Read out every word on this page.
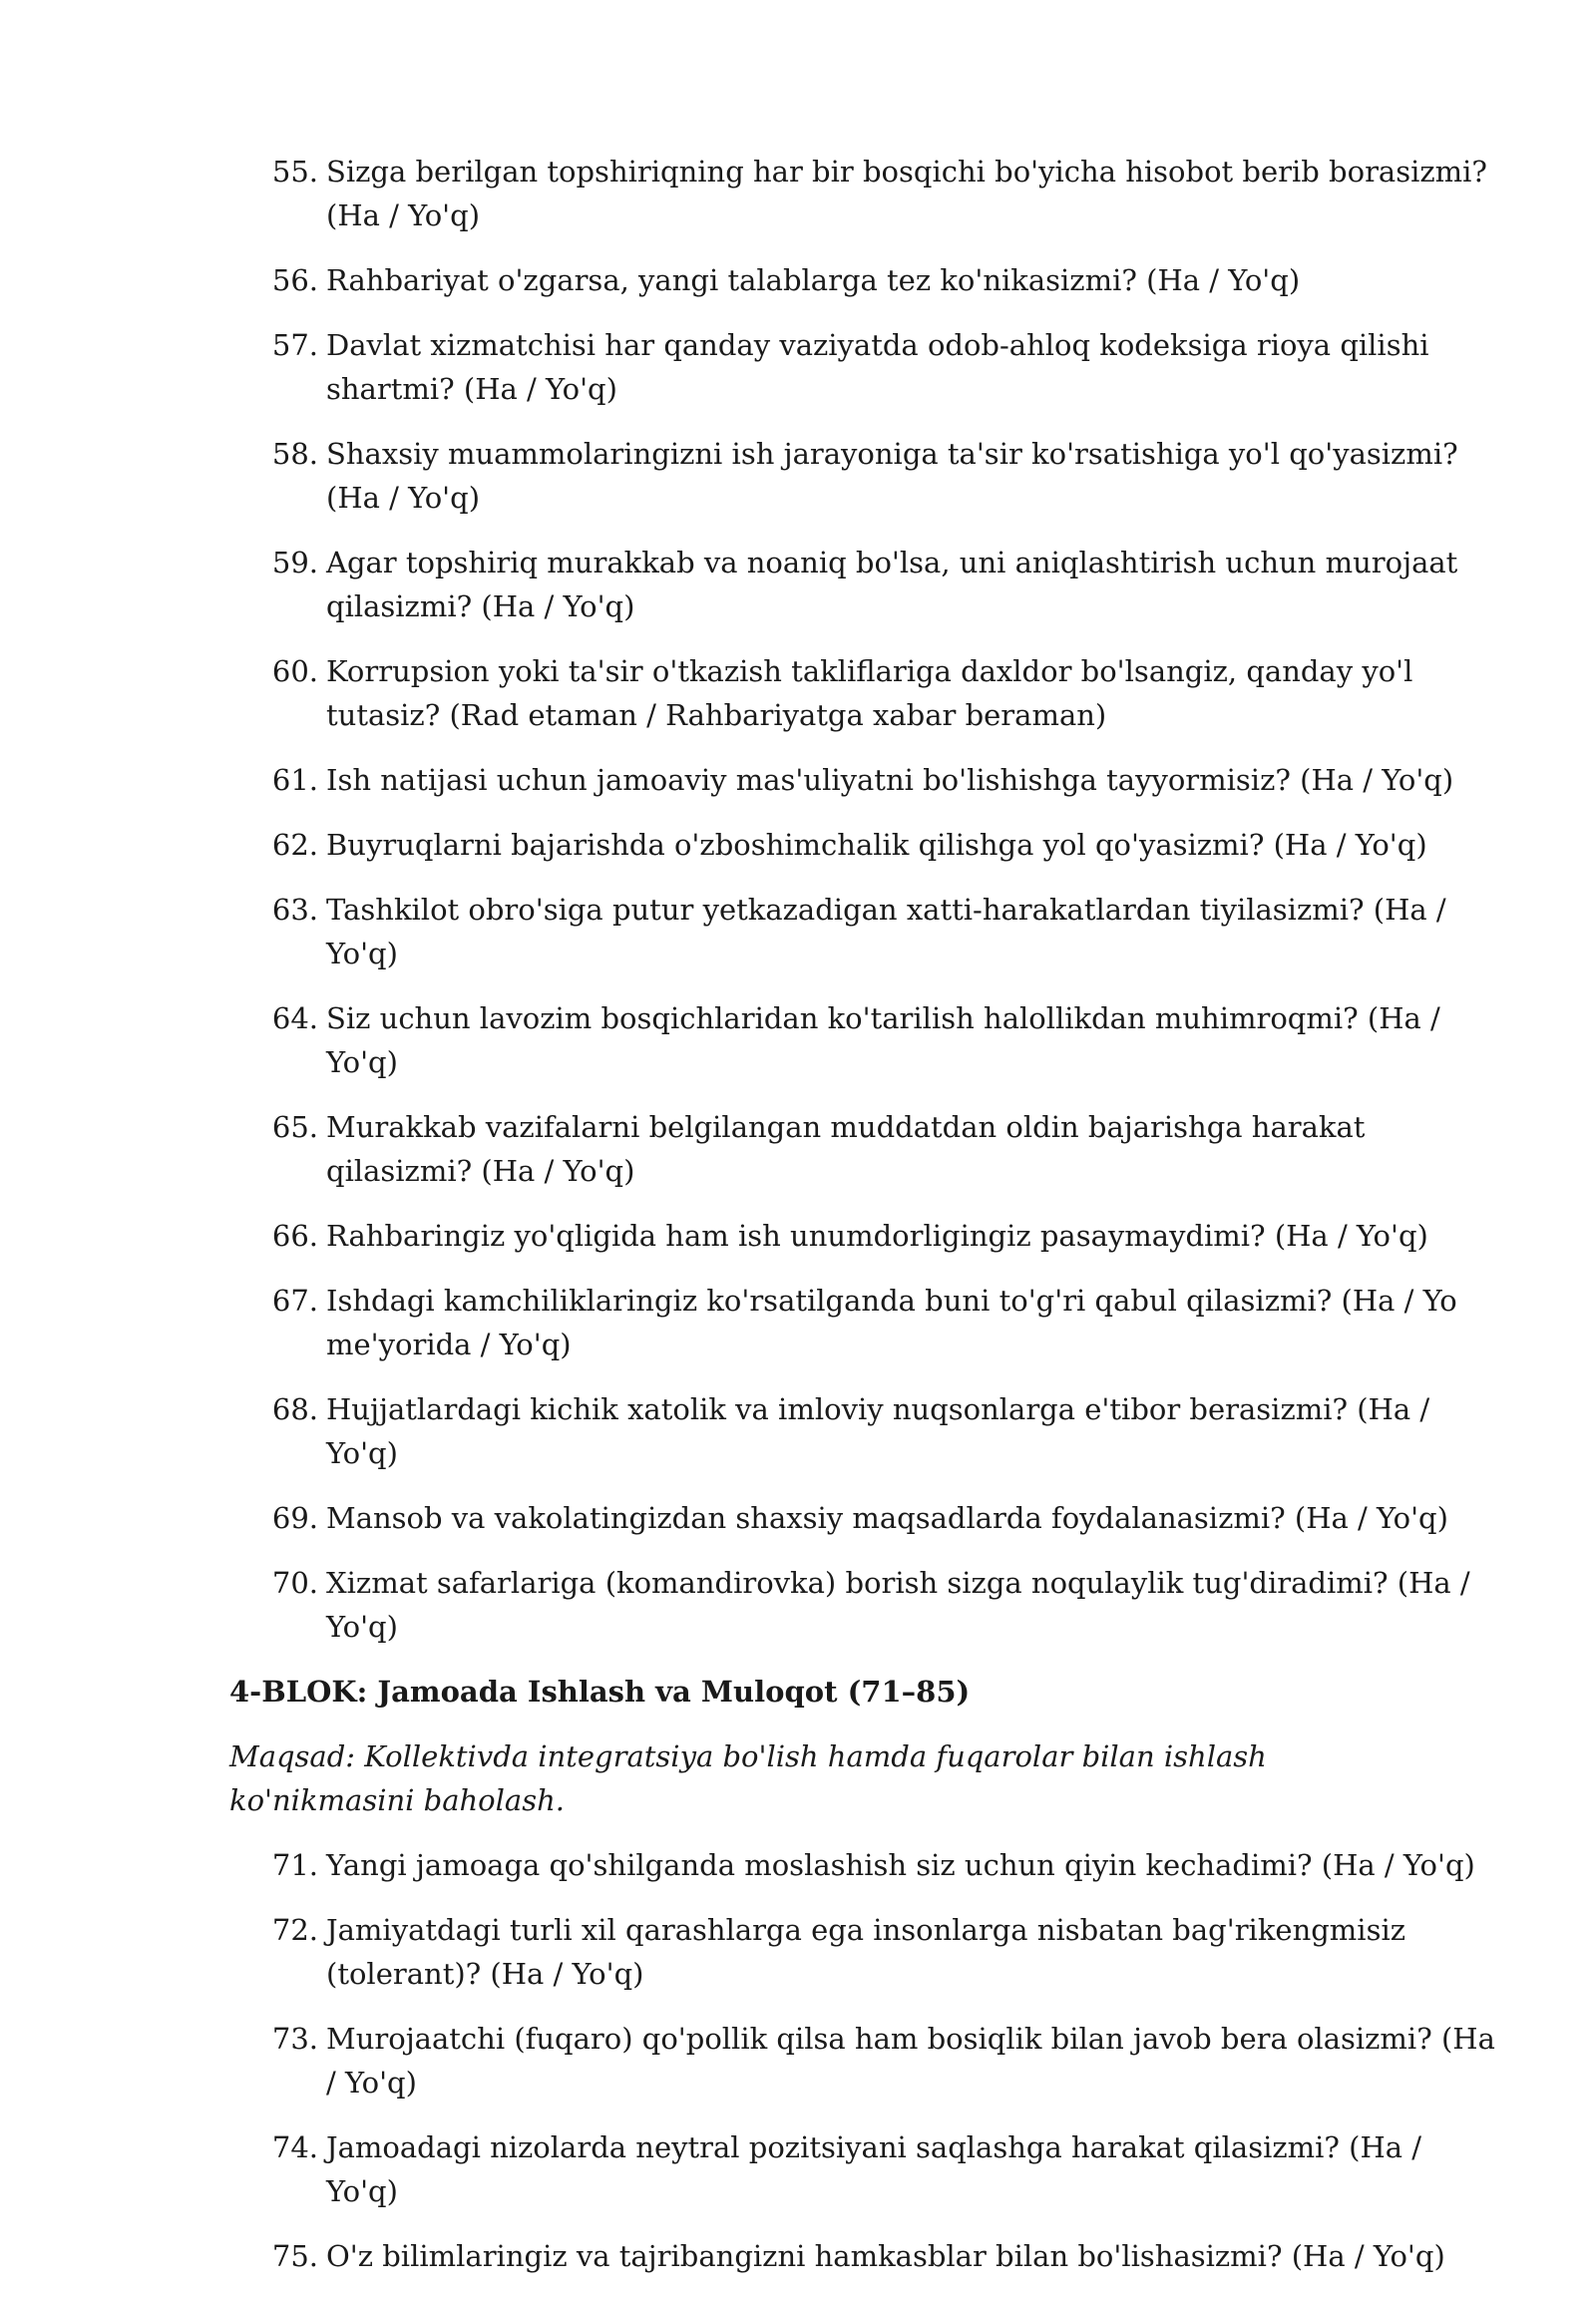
55. Sizga berilgan topshiriqning har bir bosqichi bo'yicha hisobot berib borasizmi? (Ha / Yo'q)
56. Rahbariyat o'zgarsa, yangi talablarga tez ko'nikasizmi? (Ha / Yo'q)
57. Davlat xizmatchisi har qanday vaziyatda odob-ahloq kodeksiga rioya qilishi shartmi? (Ha / Yo'q)
58. Shaxsiy muammolaringizni ish jarayoniga ta'sir ko'rsatishiga yo'l qo'yasizmi? (Ha / Yo'q)
59. Agar topshiriq murakkab va noaniq bo'lsa, uni aniqlashtirish uchun murojaat qilasizmi? (Ha / Yo'q)
60. Korrupsion yoki ta'sir o'tkazish takliflariga daxldor bo'lsangiz, qanday yo'l tutasiz? (Rad etaman / Rahbariyatga xabar beraman)
61. Ish natijasi uchun jamoaviy mas'uliyatni bo'lishishga tayyormisiz? (Ha / Yo'q)
62. Buyruqlarni bajarishda o'zboshimchalik qilishga yol qo'yasizmi? (Ha / Yo'q)
63. Tashkilot obro'siga putur yetkazadigan xatti-harakatlardan tiyilasizmi? (Ha / Yo'q)
64. Siz uchun lavozim bosqichlaridan ko'tarilish halollikdan muhimroqmi? (Ha / Yo'q)
65. Murakkab vazifalarni belgilangan muddatdan oldin bajarishga harakat qilasizmi? (Ha / Yo'q)
66. Rahbaringiz yo'qligida ham ish unumdorligingiz pasaymaydimi? (Ha / Yo'q)
67. Ishdagi kamchiliklaringiz ko'rsatilganda buni to'g'ri qabul qilasizmi? (Ha / Yo me'yorida / Yo'q)
68. Hujjatlardagi kichik xatolik va imloviy nuqsonlarga e'tibor berasizmi? (Ha / Yo'q)
69. Mansob va vakolatingizdan shaxsiy maqsadlarda foydalanasizmi? (Ha / Yo'q)
70. Xizmat safarlariga (komandirovka) borish sizga noqulaylik tug'diradimi? (Ha / Yo'q)
4-BLOK: Jamoada Ishlash va Muloqot (71–85)
Maqsad: Kollektivda integratsiya bo'lish hamda fuqarolar bilan ishlash ko'nikmasini baholash.
71. Yangi jamoaga qo'shilganda moslashish siz uchun qiyin kechadimi? (Ha / Yo'q)
72. Jamiyatdagi turli xil qarashlarga ega insonlarga nisbatan bag'rikengmisiz (tolerant)? (Ha / Yo'q)
73. Murojaatchi (fuqaro) qo'pollik qilsa ham bosiqlik bilan javob bera olasizmi? (Ha / Yo'q)
74. Jamoadagi nizolarda neytral pozitsiyani saqlashga harakat qilasizmi? (Ha / Yo'q)
75. O'z bilimlaringiz va tajribangizni hamkasblar bilan bo'lishasizmi? (Ha / Yo'q)
